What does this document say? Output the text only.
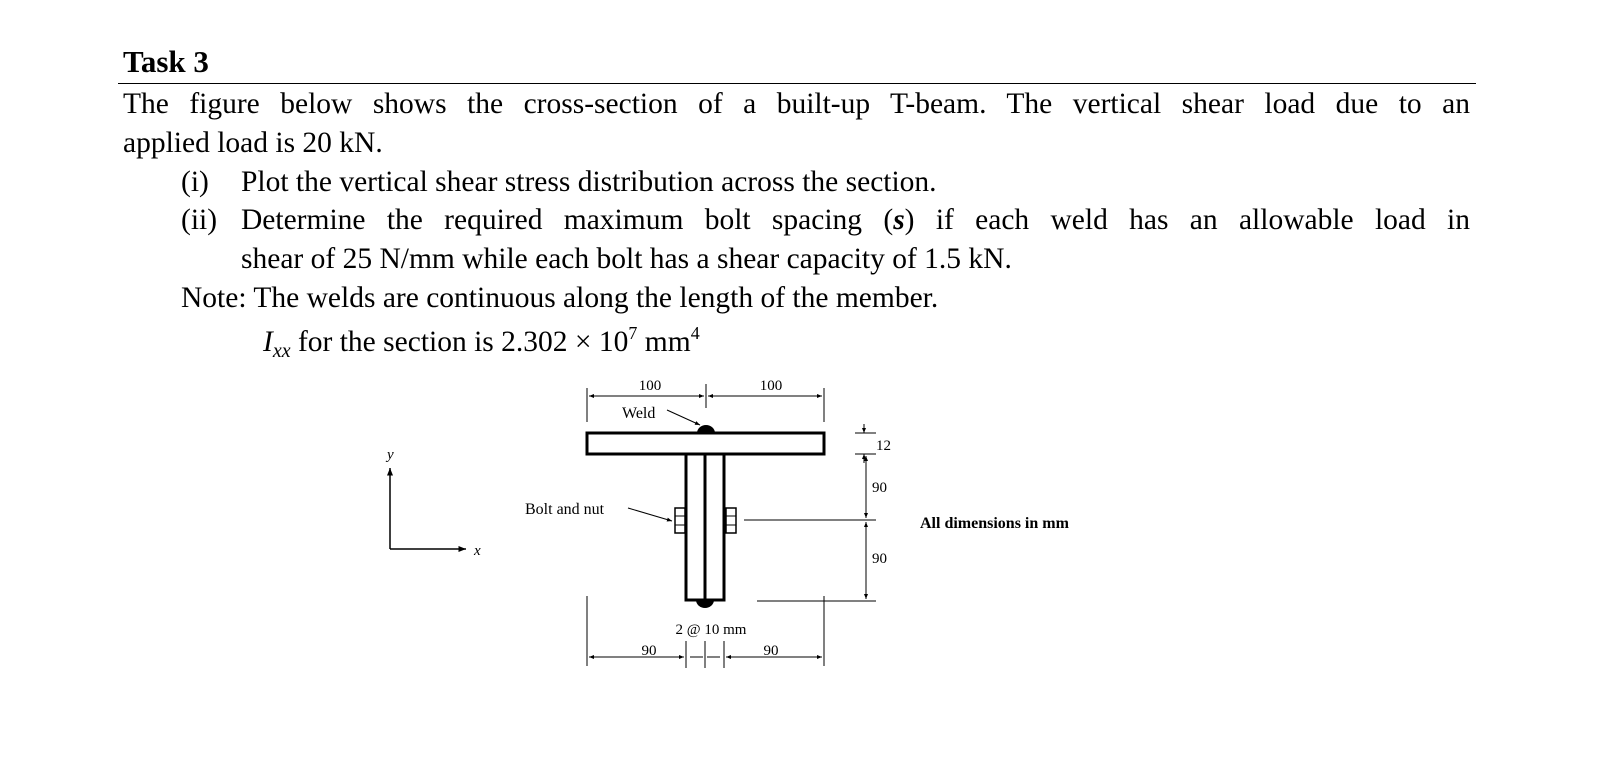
Task 3
The figure below shows the cross-section of a built-up T-beam. The vertical shear load due to an
applied load is 20 kN.
(i) Plot the vertical shear stress distribution across the section.
(ii) Determine the required maximum bolt spacing (s) if each weld has an allowable load in
shear of 25 N/mm while each bolt has a shear capacity of 1.5 kN.
Note: The welds are continuous along the length of the member.
$I_{xx}$ for the section is $2.302 \times 10^7$ $mm^4$
y
x
100	100
Weld
Bolt and nut
12
90
90
2 @ 10 mm
90	90
All dimensions in mm
